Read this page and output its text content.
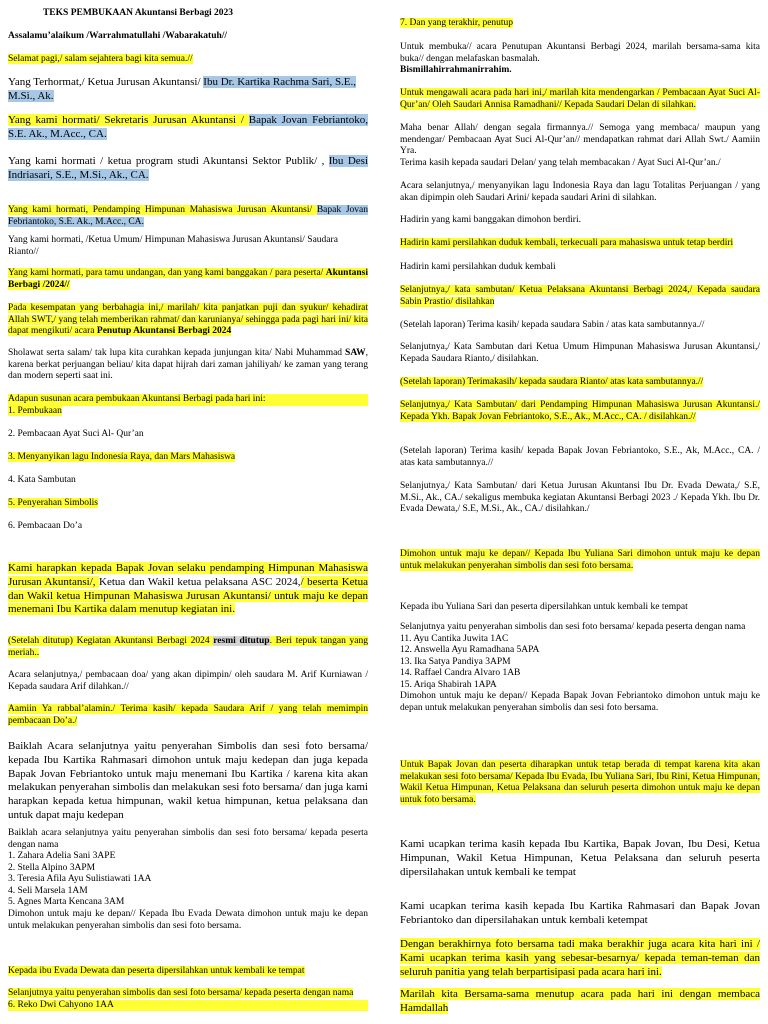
TEKS PEMBUKAAN Akuntansi Berbagi 2023

Assalamu’alaikum /Warrahmatullahi /Wabarakatuh//

Selamat pagi,/ salam sejahtera bagi kita semua.//

Yang Terhormat,/ Ketua Jurusan Akuntansi/ Ibu Dr. Kartika Rachma Sari, S.E., M.Si., Ak.

Yang kami hormati/ Sekretaris Jurusan Akuntansi / Bapak Jovan Febriantoko, S.E. Ak., M.Acc., CA.

Yang kami hormati / ketua program studi Akuntansi Sektor Publik/ , Ibu Desi Indriasari, S.E., M.Si., Ak., CA.

Yang kami hormati, Pendamping Himpunan Mahasiswa Jurusan Akuntansi/ Bapak Jovan Febriantoko, S.E. Ak., M.Acc., CA.

Yang kami hormati, /Ketua Umum/ Himpunan Mahasiswa Jurusan Akuntansi/ Saudara Rianto//

Yang kami hormati, para tamu undangan, dan yang kami banggakan / para peserta/ Akuntansi Berbagi /2024//

Pada kesempatan yang berbahagia ini,/ marilah/ kita panjatkan puji dan syukur/ kehadirat Allah SWT,/ yang telah memberikan rahmat/ dan karunianya/ sehingga pada pagi hari ini/ kita dapat mengikuti/ acara Penutup Akuntansi Berbagi 2024

Sholawat serta salam/ tak lupa kita curahkan kepada junjungan kita/ Nabi Muhammad SAW, karena berkat perjuangan beliau/ kita dapat hijrah dari zaman jahiliyah/ ke zaman yang terang dan modern seperti saat ini.

Adapun susunan acara pembukaan Akuntansi Berbagi pada hari ini:
1. Pembukaan

2. Pembacaan Ayat Suci Al- Qur’an

3. Menyanyikan lagu Indonesia Raya, dan Mars Mahasiswa

4. Kata Sambutan

5. Penyerahan Simbolis

6. Pembacaan Do’a

Kami harapkan kepada Bapak Jovan selaku pendamping Himpunan Mahasiswa Jurusan Akuntansi/, Ketua dan Wakil ketua pelaksana ASC 2024,/ beserta Ketua dan Wakil ketua Himpunan Mahasiswa Jurusan Akuntansi/ untuk maju ke depan menemani Ibu Kartika dalam menutup kegiatan ini.

(Setelah ditutup) Kegiatan Akuntansi Berbagi 2024 resmi ditutup. Beri tepuk tangan yang meriah..

Acara selanjutnya,/ pembacaan doa/ yang akan dipimpin/ oleh saudara M. Arif Kurniawan / Kepada saudara Arif dilahkan.//

Aamiin Ya rabbal’alamin./ Terima kasih/ kepada Saudara Arif / yang telah memimpin pembacaan Do’a./

Baiklah Acara selanjutnya yaitu penyerahan Simbolis dan sesi foto bersama/ kepada Ibu Kartika Rahmasari dimohon untuk maju kedepan dan juga kepada Bapak Jovan Febriantoko untuk maju menemani Ibu Kartika / karena kita akan melakukan penyerahan simbolis dan melakukan sesi foto bersama/ dan juga kami harapkan kepada ketua himpunan, wakil ketua himpunan, ketua pelaksana dan untuk dapat maju kedepan

Baiklah acara selanjutnya yaitu penyerahan simbolis dan sesi foto bersama/ kepada peserta dengan nama
1. Zahara Adelia Sani 3APE
2. Stella Alpino 3APM
3. Teresia Afila Ayu Sulistiawati 1AA
4. Seli Marsela 1AM
5. Agnes Marta Kencana 3AM
Dimohon untuk maju ke depan// Kepada Ibu Evada Dewata dimohon untuk maju ke depan untuk melakukan penyerahan simbolis dan sesi foto bersama.

Kepada ibu Evada Dewata dan peserta dipersilahkan untuk kembali ke tempat

Selanjutnya yaitu penyerahan simbolis dan sesi foto bersama/ kepada peserta dengan nama
6. Reko Dwi Cahyono 1AA

7. Dan yang terakhir, penutup

Untuk membuka// acara Penutupan Akuntansi Berbagi 2024, marilah bersama-sama kita buka// dengan melafaskan basmalah.
Bismillahirrahmanirrahim.

Untuk mengawali acara pada hari ini,/ marilah kita mendengarkan / Pembacaan Ayat Suci Al-Qur’an/ Oleh Saudari Annisa Ramadhani// Kepada Saudari Delan di silahkan.

Maha benar Allah/ dengan segala firmannya.// Semoga yang membaca/ maupun yang mendengar/ Pembacaan Ayat Suci Al-Qur’an// mendapatkan rahmat dari Allah Swt./ Aamiin Yra.
Terima kasih kepada saudari Delan/ yang telah membacakan / Ayat Suci Al-Qur’an./

Acara selanjutnya,/ menyanyikan lagu Indonesia Raya dan lagu Totalitas Perjuangan / yang akan dipimpin oleh Saudari Arini/ kepada saudari Arini di silahkan.

Hadirin yang kami banggakan dimohon berdiri.

Hadirin kami persilahkan duduk kembali, terkecuali para mahasiswa untuk tetap berdiri

Hadirin kami persilahkan duduk kembali

Selanjutnya,/ kata sambutan/ Ketua Pelaksana Akuntansi Berbagi 2024,/ Kepada saudara Sabin Prastio/ disilahkan

(Setelah laporan) Terima kasih/ kepada saudara Sabin / atas kata sambutannya.//

Selanjutnya,/ Kata Sambutan dari Ketua Umum Himpunan Mahasiswa Jurusan Akuntansi,/ Kepada Saudara Rianto,/ disilahkan.

(Setelah laporan) Terimakasih/ kepada saudara Rianto/ atas kata sambutannya.//

Selanjutnya,/ Kata Sambutan/ dari Pendamping Himpunan Mahasiswa Jurusan Akuntansi./ Kepada Ykh. Bapak Jovan Febriantoko, S.E., Ak., M.Acc., CA. / disilahkan.//

(Setelah laporan) Terima kasih/ kepada Bapak Jovan Febriantoko, S.E., Ak, M.Acc., CA. / atas kata sambutannya.//

Selanjutnya,/ Kata Sambutan/ dari Ketua Jurusan Akuntansi Ibu Dr. Evada Dewata,/ S.E, M.Si., Ak., CA./ sekaligus membuka kegiatan Akuntansi Berbagi 2023 ./ Kepada Ykh. Ibu Dr. Evada Dewata,/ S.E, M.Si., Ak., CA./ disilahkan./

Dimohon untuk maju ke depan// Kepada Ibu Yuliana Sari dimohon untuk maju ke depan untuk melakukan penyerahan simbolis dan sesi foto bersama.

Kepada ibu Yuliana Sari dan peserta dipersilahkan untuk kembali ke tempat

Selanjutnya yaitu penyerahan simbolis dan sesi foto bersama/ kepada peserta dengan nama
11. Ayu Cantika Juwita 1AC
12. Answella Ayu Ramadhana 5APA
13. Ika Satya Pandiya 3APM
14. Raffael Candra Alvaro 1AB
15. Ariqa Shabirah 1APA
Dimohon untuk maju ke depan// Kepada Bapak Jovan Febriantoko dimohon untuk maju ke depan untuk melakukan penyerahan simbolis dan sesi foto bersama.

Untuk Bapak Jovan dan peserta diharapkan untuk tetap berada di tempat karena kita akan melakukan sesi foto bersama/ Kepada Ibu Evada, Ibu Yuliana Sari, Ibu Rini, Ketua Himpunan, Wakil Ketua Himpunan, Ketua Pelaksana dan seluruh peserta dimohon untuk maju ke depan untuk foto bersama.

Kami ucapkan terima kasih kepada Ibu Kartika, Bapak Jovan, Ibu Desi, Ketua Himpunan, Wakil Ketua Himpunan, Ketua Pelaksana dan seluruh peserta dipersilahakan untuk kembali ke tempat

Kami ucapkan terima kasih kepada Ibu Kartika Rahmasari dan Bapak Jovan Febriantoko dan dipersilahakan untuk kembali ketempat

Dengan berakhirnya foto bersama tadi maka berakhir juga acara kita hari ini / Kami ucapkan terima kasih yang sebesar-besarnya/ kepada teman-teman dan seluruh panitia yang telah berpartisipasi pada acara hari ini.

Marilah kita Bersama-sama menutup acara pada hari ini dengan membaca Hamdallah
